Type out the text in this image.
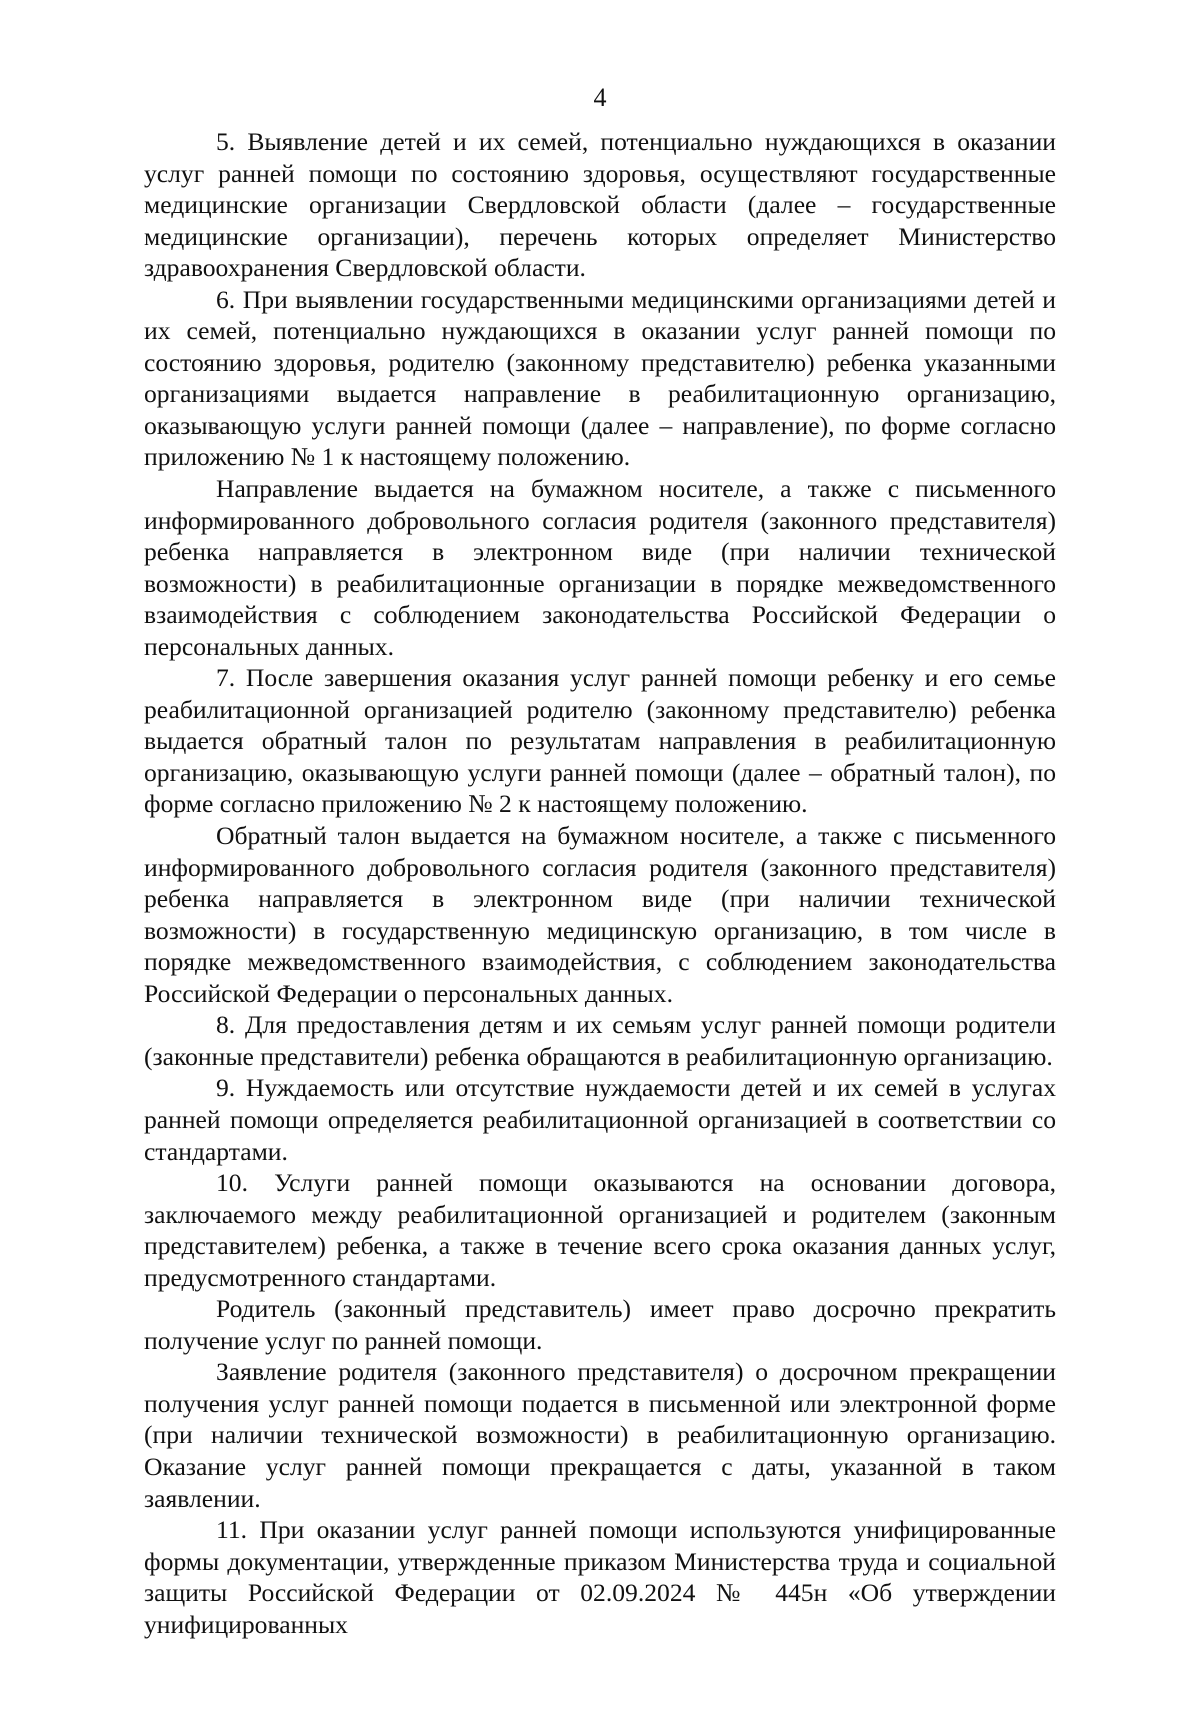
4

5. Выявление детей и их семей, потенциально нуждающихся в оказании услуг ранней помощи по состоянию здоровья, осуществляют государственные медицинские организации Свердловской области (далее – государственные медицинские организации), перечень которых определяет Министерство здравоохранения Свердловской области.

6. При выявлении государственными медицинскими организациями детей и их семей, потенциально нуждающихся в оказании услуг ранней помощи по состоянию здоровья, родителю (законному представителю) ребенка указанными организациями выдается направление в реабилитационную организацию, оказывающую услуги ранней помощи (далее – направление), по форме согласно приложению № 1 к настоящему положению.

Направление выдается на бумажном носителе, а также с письменного информированного добровольного согласия родителя (законного представителя) ребенка направляется в электронном виде (при наличии технической возможности) в реабилитационные организации в порядке межведомственного взаимодействия с соблюдением законодательства Российской Федерации о персональных данных.

7. После завершения оказания услуг ранней помощи ребенку и его семье реабилитационной организацией родителю (законному представителю) ребенка выдается обратный талон по результатам направления в реабилитационную организацию, оказывающую услуги ранней помощи (далее – обратный талон), по форме согласно приложению № 2 к настоящему положению.

Обратный талон выдается на бумажном носителе, а также с письменного информированного добровольного согласия родителя (законного представителя) ребенка направляется в электронном виде (при наличии технической возможности) в государственную медицинскую организацию, в том числе в порядке межведомственного взаимодействия, с соблюдением законодательства Российской Федерации о персональных данных.

8. Для предоставления детям и их семьям услуг ранней помощи родители (законные представители) ребенка обращаются в реабилитационную организацию.

9. Нуждаемость или отсутствие нуждаемости детей и их семей в услугах ранней помощи определяется реабилитационной организацией в соответствии со стандартами.

10. Услуги ранней помощи оказываются на основании договора, заключаемого между реабилитационной организацией и родителем (законным представителем) ребенка, а также в течение всего срока оказания данных услуг, предусмотренного стандартами.

Родитель (законный представитель) имеет право досрочно прекратить получение услуг по ранней помощи.

Заявление родителя (законного представителя) о досрочном прекращении получения услуг ранней помощи подается в письменной или электронной форме (при наличии технической возможности) в реабилитационную организацию. Оказание услуг ранней помощи прекращается с даты, указанной в таком заявлении.

11. При оказании услуг ранней помощи используются унифицированные формы документации, утвержденные приказом Министерства труда и социальной защиты Российской Федерации от 02.09.2024 № 445н «Об утверждении унифицированных
